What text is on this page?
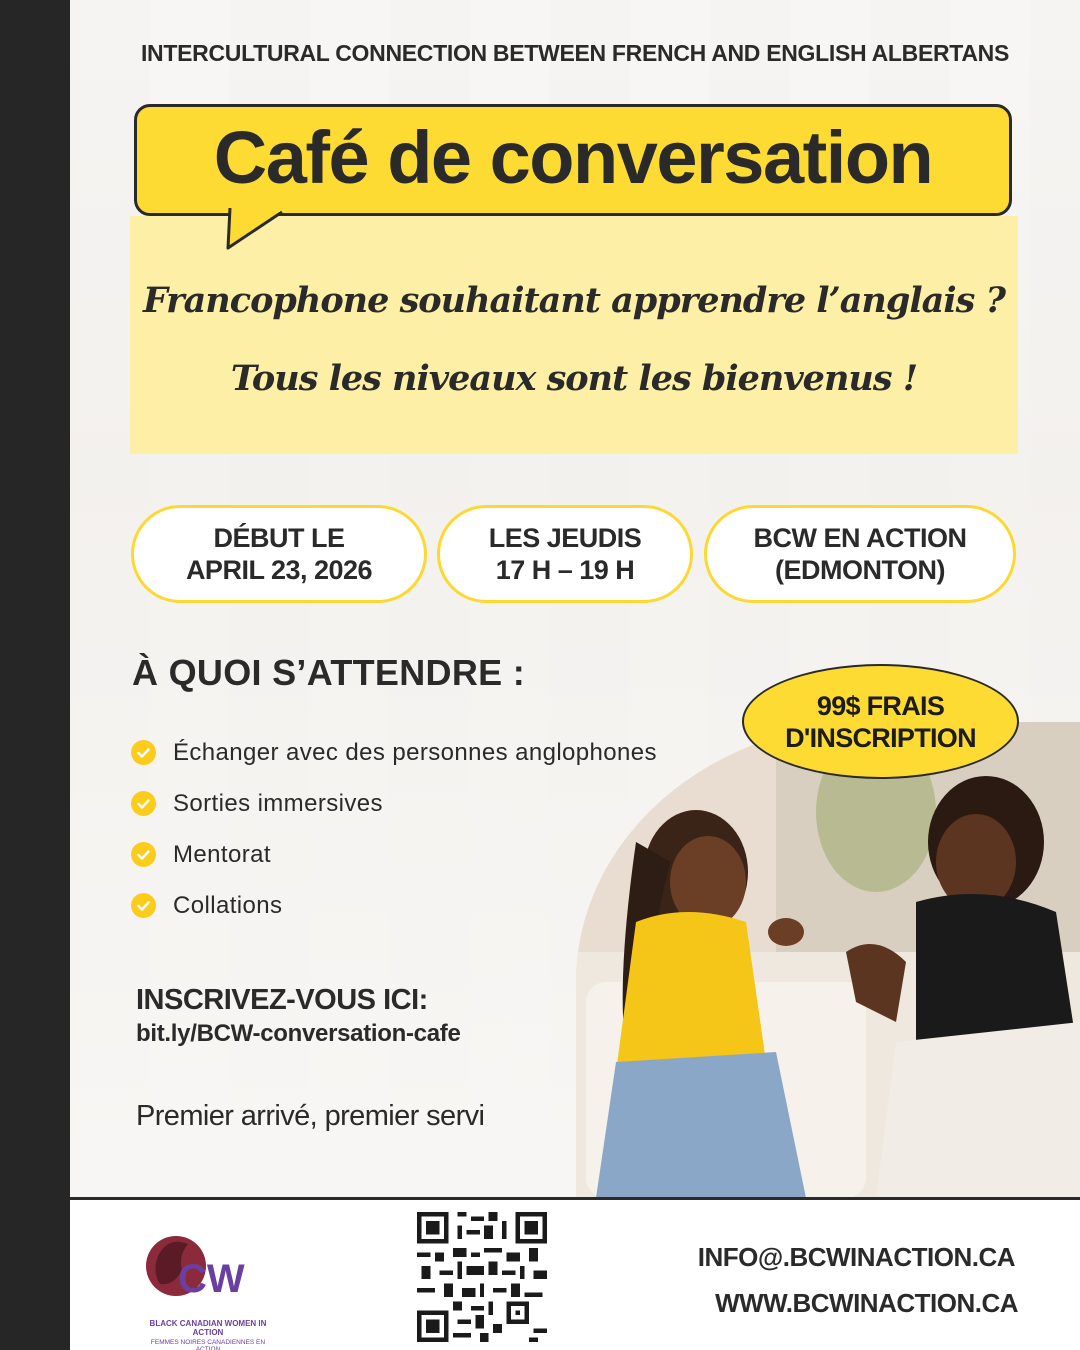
INTERCULTURAL CONNECTION BETWEEN FRENCH AND ENGLISH ALBERTANS
Café de conversation
Francophone souhaitant apprendre l’anglais ?
Tous les niveaux sont les bienvenus !
DÉBUT LE
APRIL 23, 2026
LES JEUDIS
17 H – 19 H
BCW EN ACTION
(EDMONTON)
À QUOI S’ATTENDRE :
Échanger avec des personnes anglophones
Sorties immersives
Mentorat
Collations
99$ FRAIS
D'INSCRIPTION
INSCRIVEZ-VOUS ICI:
bit.ly/BCW-conversation-cafe
Premier arrivé, premier servi
CW
BLACK CANADIAN WOMEN IN ACTION
FEMMES NOIRES CANADIENNES EN ACTION
INFO@.BCWINACTION.CA
WWW.BCWINACTION.CA
